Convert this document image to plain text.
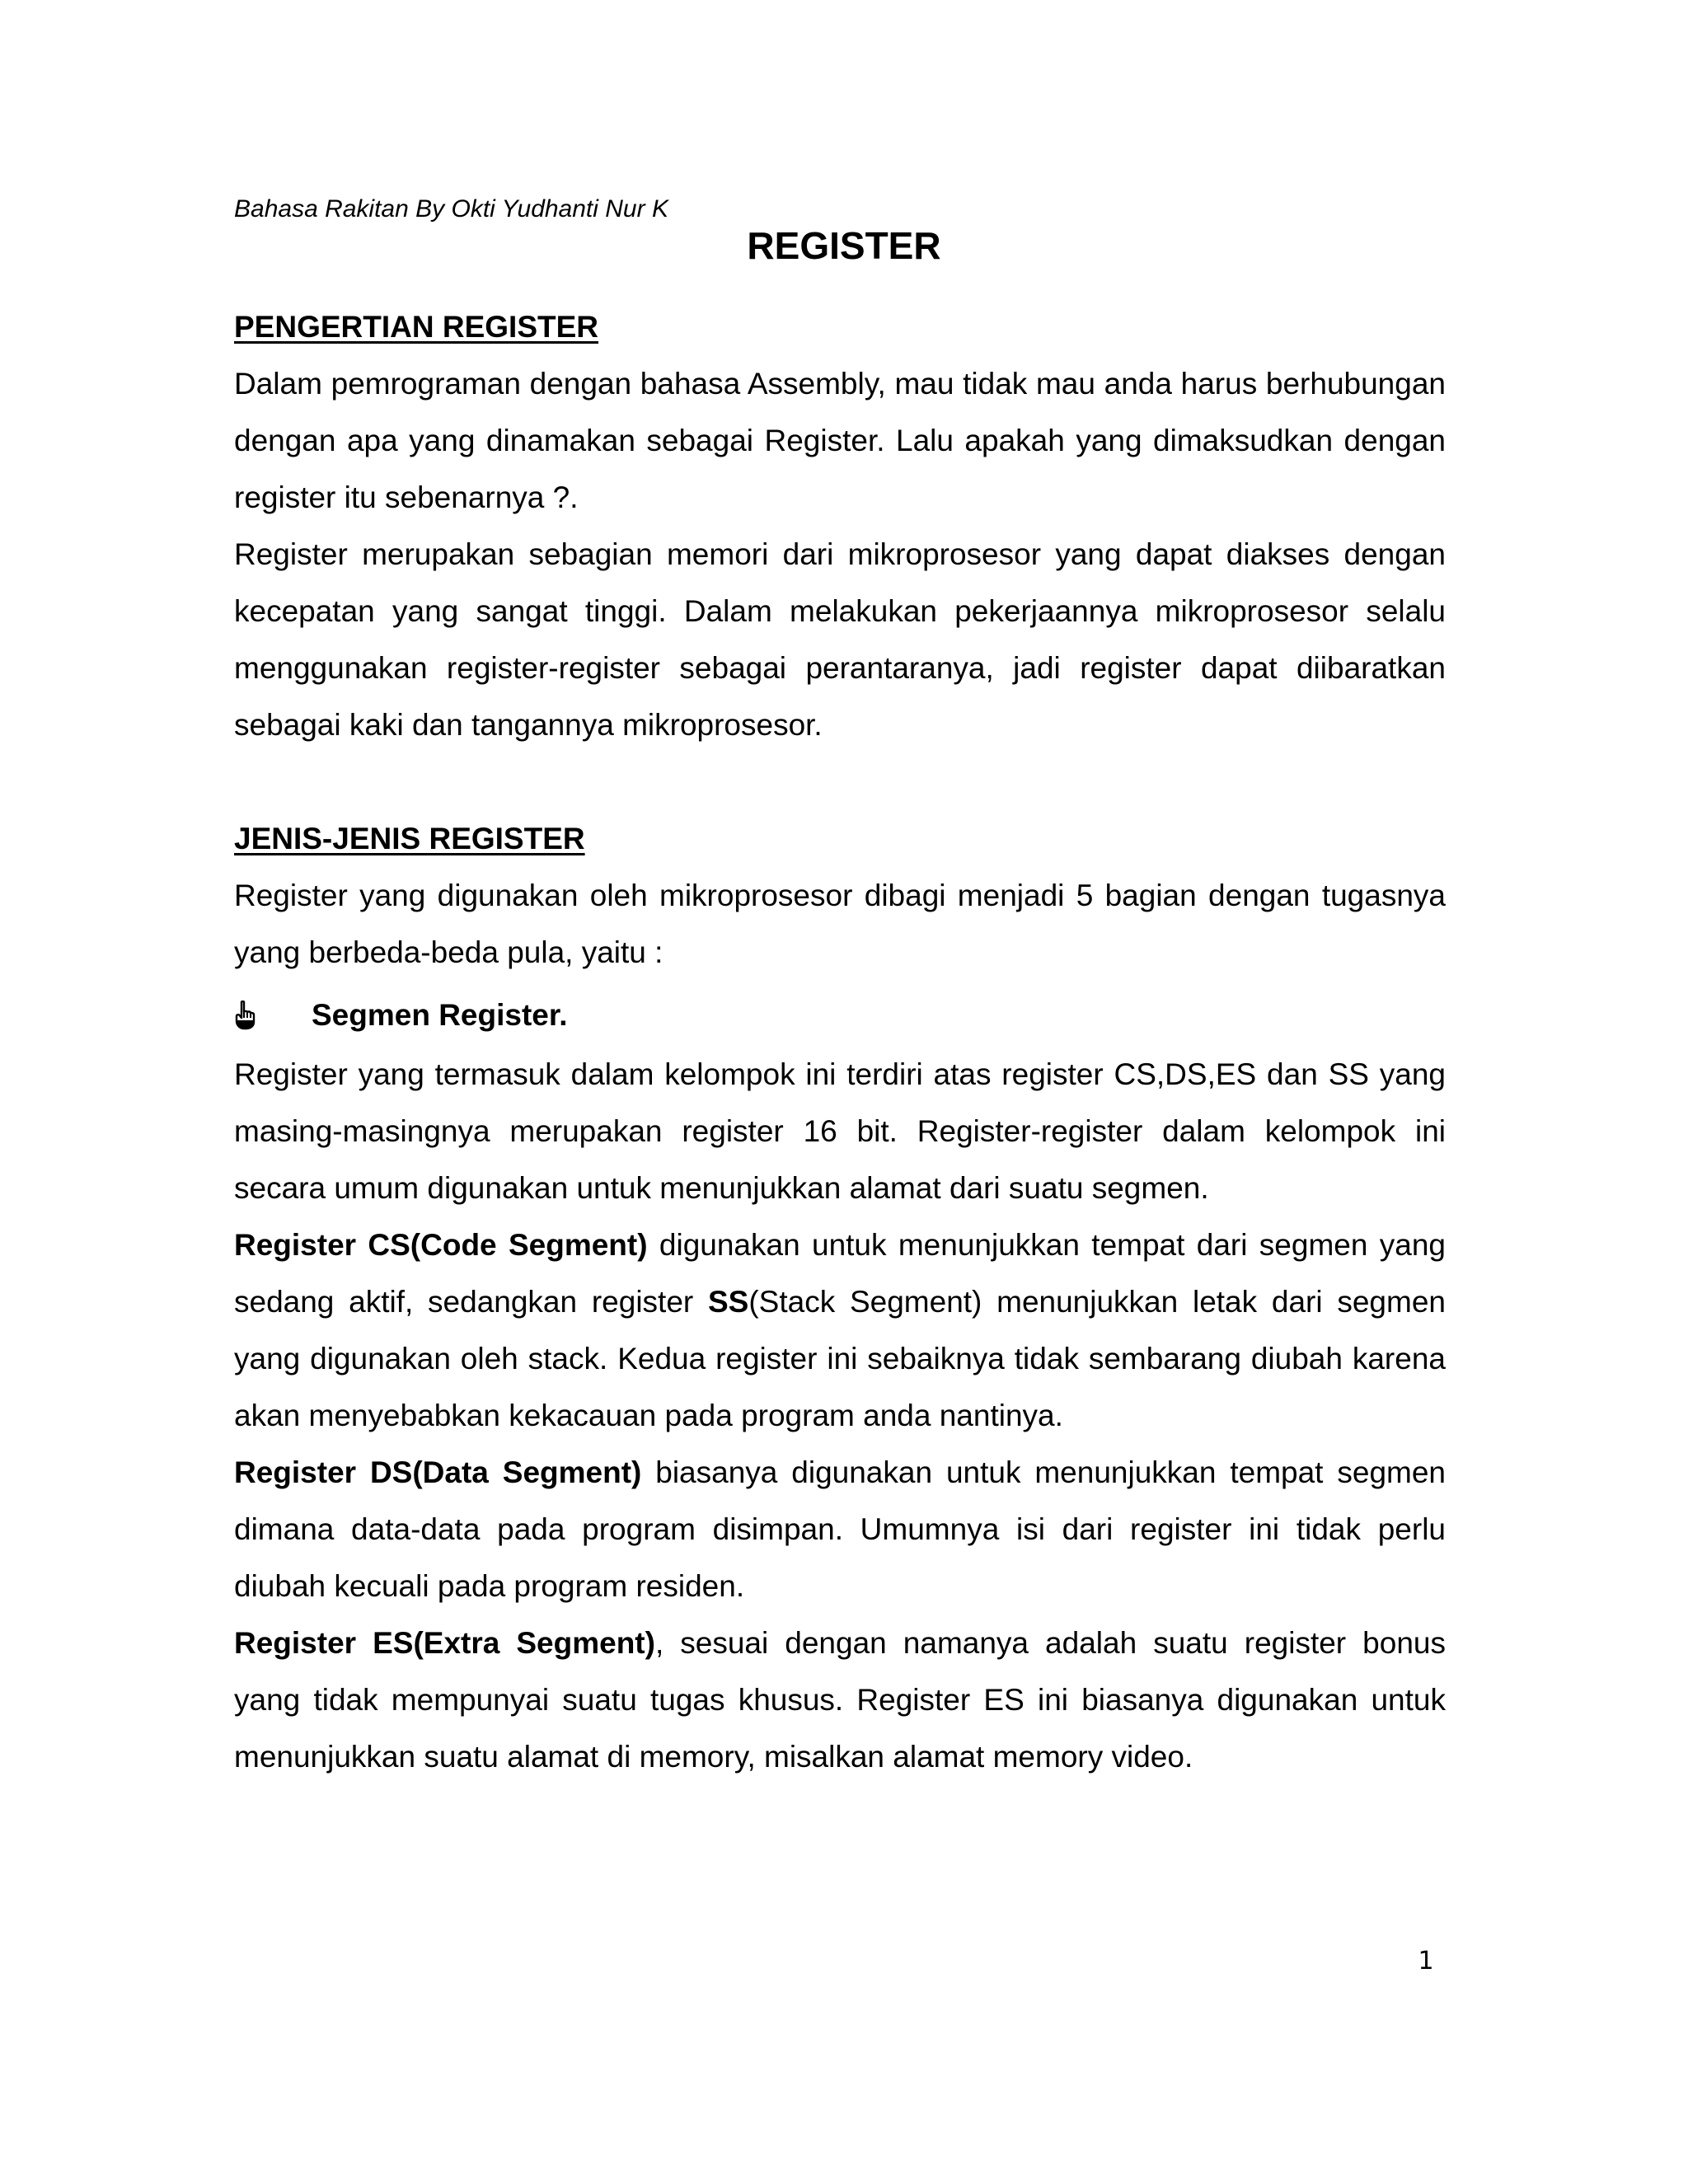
Bahasa Rakitan By Okti Yudhanti Nur K
REGISTER
PENGERTIAN REGISTER

Dalam pemrograman dengan bahasa Assembly, mau tidak mau anda harus berhubungan dengan apa yang dinamakan sebagai Register. Lalu apakah yang dimaksudkan dengan register itu sebenarnya ?.

Register merupakan sebagian memori dari mikroprosesor yang dapat diakses dengan kecepatan yang sangat tinggi. Dalam melakukan pekerjaannya mikroprosesor selalu menggunakan register-register sebagai perantaranya, jadi register dapat diibaratkan sebagai kaki dan tangannya mikroprosesor.

JENIS-JENIS REGISTER

Register yang digunakan oleh mikroprosesor dibagi menjadi 5 bagian dengan tugasnya yang berbeda-beda pula, yaitu :

Segmen Register.

Register yang termasuk dalam kelompok ini terdiri atas register CS,DS,ES dan SS yang masing-masingnya merupakan register 16 bit. Register-register dalam kelompok ini secara umum digunakan untuk menunjukkan alamat dari suatu segmen.

Register CS(Code Segment) digunakan untuk menunjukkan tempat dari segmen yang sedang aktif, sedangkan register SS(Stack Segment) menunjukkan letak dari segmen yang digunakan oleh stack. Kedua register ini sebaiknya tidak sembarang diubah karena akan menyebabkan kekacauan pada program anda nantinya.

Register DS(Data Segment) biasanya digunakan untuk menunjukkan tempat segmen dimana data-data pada program disimpan. Umumnya isi dari register ini tidak perlu diubah kecuali pada program residen.

Register ES(Extra Segment), sesuai dengan namanya adalah suatu register bonus yang tidak mempunyai suatu tugas khusus. Register ES ini biasanya digunakan untuk menunjukkan suatu alamat di memory, misalkan alamat memory video.

1
